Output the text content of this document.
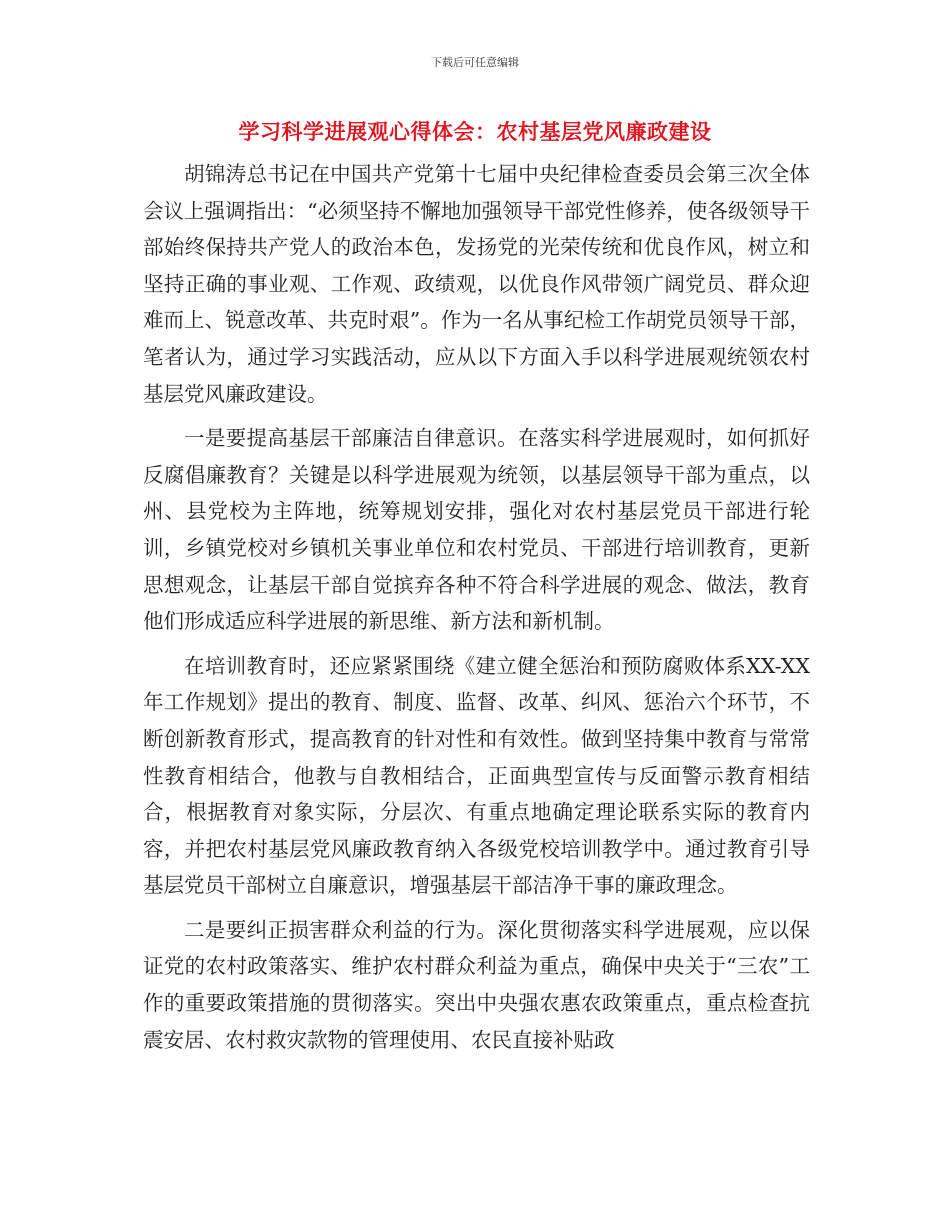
下载后可任意编辑
学习科学进展观心得体会：农村基层党风廉政建设

胡锦涛总书记在中国共产党第十七届中央纪律检查委员会第三次全体会议上强调指出：“必须坚持不懈地加强领导干部党性修养，使各级领导干部始终保持共产党人的政治本色，发扬党的光荣传统和优良作风，树立和坚持正确的事业观、工作观、政绩观，以优良作风带领广阔党员、群众迎难而上、锐意改革、共克时艰”。作为一名从事纪检工作胡党员领导干部，笔者认为，通过学习实践活动，应从以下方面入手以科学进展观统领农村基层党风廉政建设。

一是要提高基层干部廉洁自律意识。在落实科学进展观时，如何抓好反腐倡廉教育？关键是以科学进展观为统领，以基层领导干部为重点，以州、县党校为主阵地，统筹规划安排，强化对农村基层党员干部进行轮训，乡镇党校对乡镇机关事业单位和农村党员、干部进行培训教育，更新思想观念，让基层干部自觉摈弃各种不符合科学进展的观念、做法，教育他们形成适应科学进展的新思维、新方法和新机制。

在培训教育时，还应紧紧围绕《建立健全惩治和预防腐败体系XX-XX年工作规划》提出的教育、制度、监督、改革、纠风、惩治六个环节，不断创新教育形式，提高教育的针对性和有效性。做到坚持集中教育与常常性教育相结合，他教与自教相结合，正面典型宣传与反面警示教育相结合，根据教育对象实际，分层次、有重点地确定理论联系实际的教育内容，并把农村基层党风廉政教育纳入各级党校培训教学中。通过教育引导基层党员干部树立自廉意识，增强基层干部洁净干事的廉政理念。

二是要纠正损害群众利益的行为。深化贯彻落实科学进展观，应以保证党的农村政策落实、维护农村群众利益为重点，确保中央关于“三农”工作的重要政策措施的贯彻落实。突出中央强农惠农政策重点，重点检查抗震安居、农村救灾款物的管理使用、农民直接补贴政
